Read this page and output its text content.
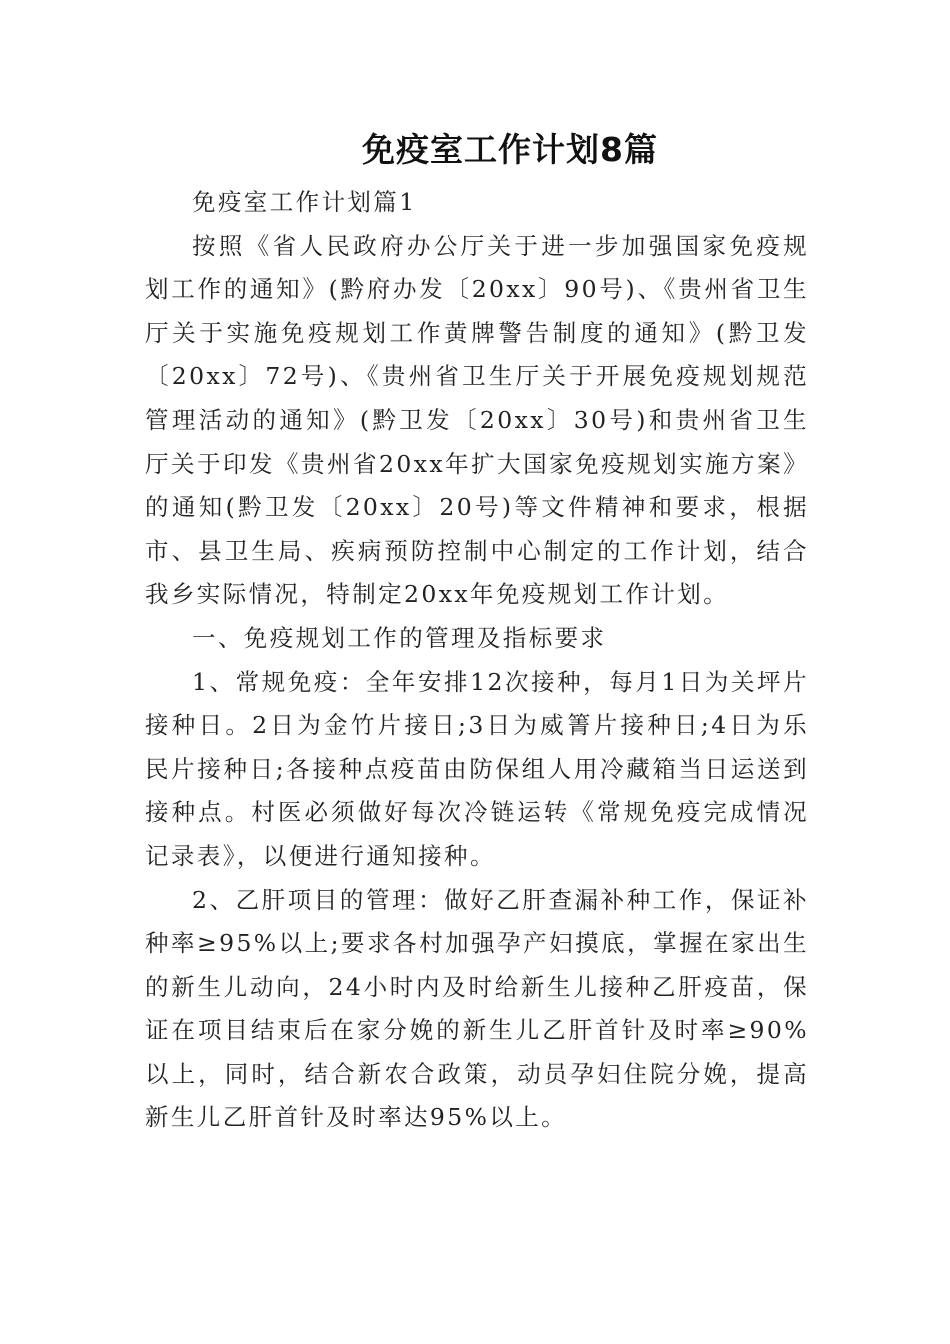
免疫室工作计划8篇

免疫室工作计划篇1

按照《省人民政府办公厅关于进一步加强国家免疫规划工作的通知》(黔府办发〔20xx〕90号)、《贵州省卫生厅关于实施免疫规划工作黄牌警告制度的通知》(黔卫发〔20xx〕72号)、《贵州省卫生厅关于开展免疫规划规范管理活动的通知》(黔卫发〔20xx〕30号)和贵州省卫生厅关于印发《贵州省20xx年扩大国家免疫规划实施方案》的通知(黔卫发〔20xx〕20号)等文件精神和要求，根据市、县卫生局、疾病预防控制中心制定的工作计划，结合我乡实际情况，特制定20xx年免疫规划工作计划。

一、免疫规划工作的管理及指标要求

1、常规免疫：全年安排12次接种，每月1日为关坪片接种日。2日为金竹片接日;3日为威箐片接种日;4日为乐民片接种日;各接种点疫苗由防保组人用冷藏箱当日运送到接种点。村医必须做好每次冷链运转《常规免疫完成情况记录表》，以便进行通知接种。

2、乙肝项目的管理：做好乙肝查漏补种工作，保证补种率≥95%以上;要求各村加强孕产妇摸底，掌握在家出生的新生儿动向，24小时内及时给新生儿接种乙肝疫苗，保证在项目结束后在家分娩的新生儿乙肝首针及时率≥90%以上，同时，结合新农合政策，动员孕妇住院分娩，提高新生儿乙肝首针及时率达95%以上。
